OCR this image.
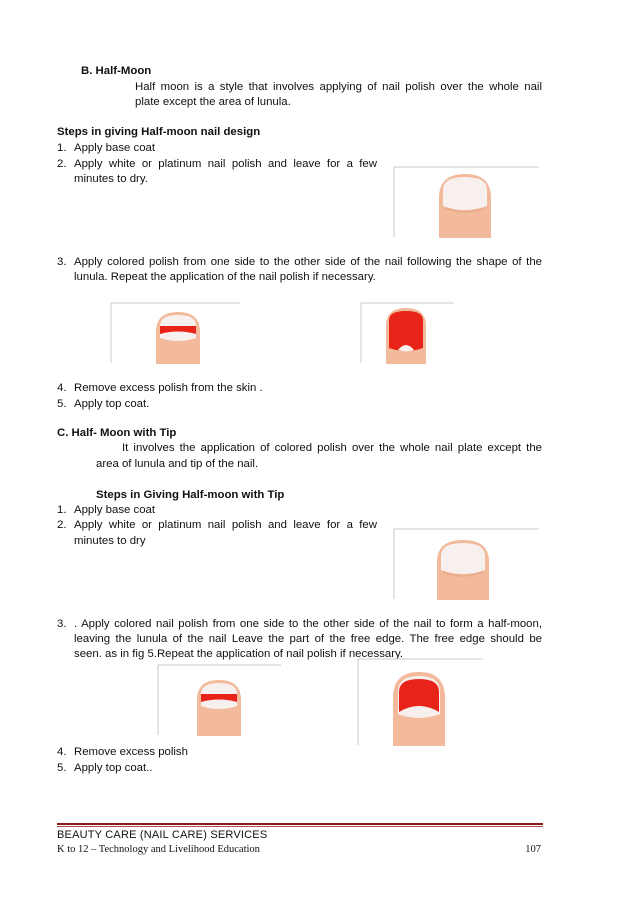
B. Half-Moon
Half moon is a style that involves applying of nail polish over the whole nail
plate except the area of lunula.
Steps in giving Half-moon nail design
1. Apply base coat
2. Apply white or platinum nail polish and leave for a few
minutes to dry.
3. Apply colored polish from one side to the other side of the nail following the shape of the
lunula. Repeat the application of the nail polish if necessary.
4. Remove excess polish from the skin .
5. Apply top coat.
C. Half- Moon with Tip
It involves the application of colored polish over the whole nail plate except the
area of lunula and tip of the nail.
Steps in Giving Half-moon with Tip
1. Apply base coat
2. Apply white or platinum nail polish and leave for a few
minutes to dry
3. . Apply colored nail polish from one side to the other side of the nail to form a half-moon,
leaving the lunula of the nail Leave the part of the free edge. The free edge should be
seen. as in fig 5.Repeat the application of nail polish if necessary.
4. Remove excess polish
5. Apply top coat..
BEAUTY CARE (NAIL CARE) SERVICES
K to 12 – Technology and Livelihood Education	107
